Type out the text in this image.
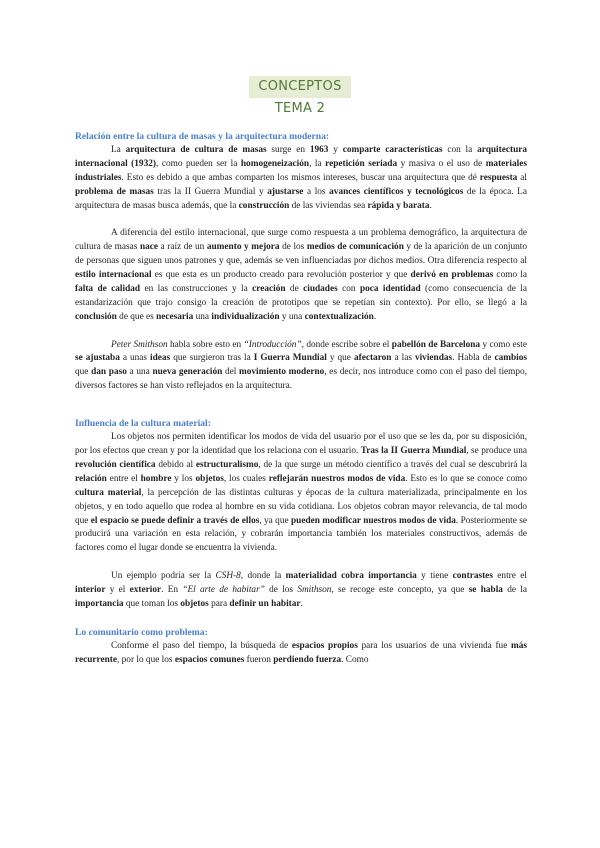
CONCEPTOS TEMA 2
Relación entre la cultura de masas y la arquitectura moderna:

La arquitectura de cultura de masas surge en 1963 y comparte características con la arquitectura internacional (1932), como pueden ser la homogeneización, la repetición seriada y masiva o el uso de materiales industriales. Esto es debido a que ambas comparten los mismos intereses, buscar una arquitectura que dé respuesta al problema de masas tras la II Guerra Mundial y ajustarse a los avances científicos y tecnológicos de la época. La arquitectura de masas busca además, que la construcción de las viviendas sea rápida y barata.

A diferencia del estilo internacional, que surge como respuesta a un problema demográfico, la arquitectura de cultura de masas nace a raíz de un aumento y mejora de los medios de comunicación y de la aparición de un conjunto de personas que siguen unos patrones y que, además se ven influenciadas por dichos medios. Otra diferencia respecto al estilo internacional es que esta es un producto creado para revolución posterior y que derivó en problemas como la falta de calidad en las construcciones y la creación de ciudades con poca identidad (como consecuencia de la estandarización que trajo consigo la creación de prototipos que se repetían sin contexto). Por ello, se llegó a la conclusión de que es necesaria una individualización y una contextualización.

Peter Smithson habla sobre esto en “Introducción”, donde escribe sobre el pabellón de Barcelona y como este se ajustaba a unas ideas que surgieron tras la I Guerra Mundial y que afectaron a las viviendas. Habla de cambios que dan paso a una nueva generación del movimiento moderno, es decir, nos introduce como con el paso del tiempo, diversos factores se han visto reflejados en la arquitectura.

Influencia de la cultura material:

Los objetos nos permiten identificar los modos de vida del usuario por el uso que se les da, por su disposición, por los efectos que crean y por la identidad que los relaciona con el usuario. Tras la II Guerra Mundial, se produce una revolución científica debido al estructuralismo, de la que surge un método científico a través del cual se descubrirá la relación entre el hombre y los objetos, los cuales reflejarán nuestros modos de vida. Esto es lo que se conoce como cultura material, la percepción de las distintas culturas y épocas de la cultura materializada, principalmente en los objetos, y en todo aquello que rodea al hombre en su vida cotidiana. Los objetos cobran mayor relevancia, de tal modo que el espacio se puede definir a través de ellos, ya que pueden modificar nuestros modos de vida. Posteriormente se producirá una variación en esta relación, y cobrarán importancia también los materiales constructivos, además de factores como el lugar donde se encuentra la vivienda.

Un ejemplo podría ser la CSH-8, donde la materialidad cobra importancia y tiene contrastes entre el interior y el exterior. En “El arte de habitar” de los Smithson, se recoge este concepto, ya que se habla de la importancia que toman los objetos para definir un habitar.

Lo comunitario como problema:

Conforme el paso del tiempo, la búsqueda de espacios propios para los usuarios de una vivienda fue más recurrente, por lo que los espacios comunes fueron perdiendo fuerza. Como
